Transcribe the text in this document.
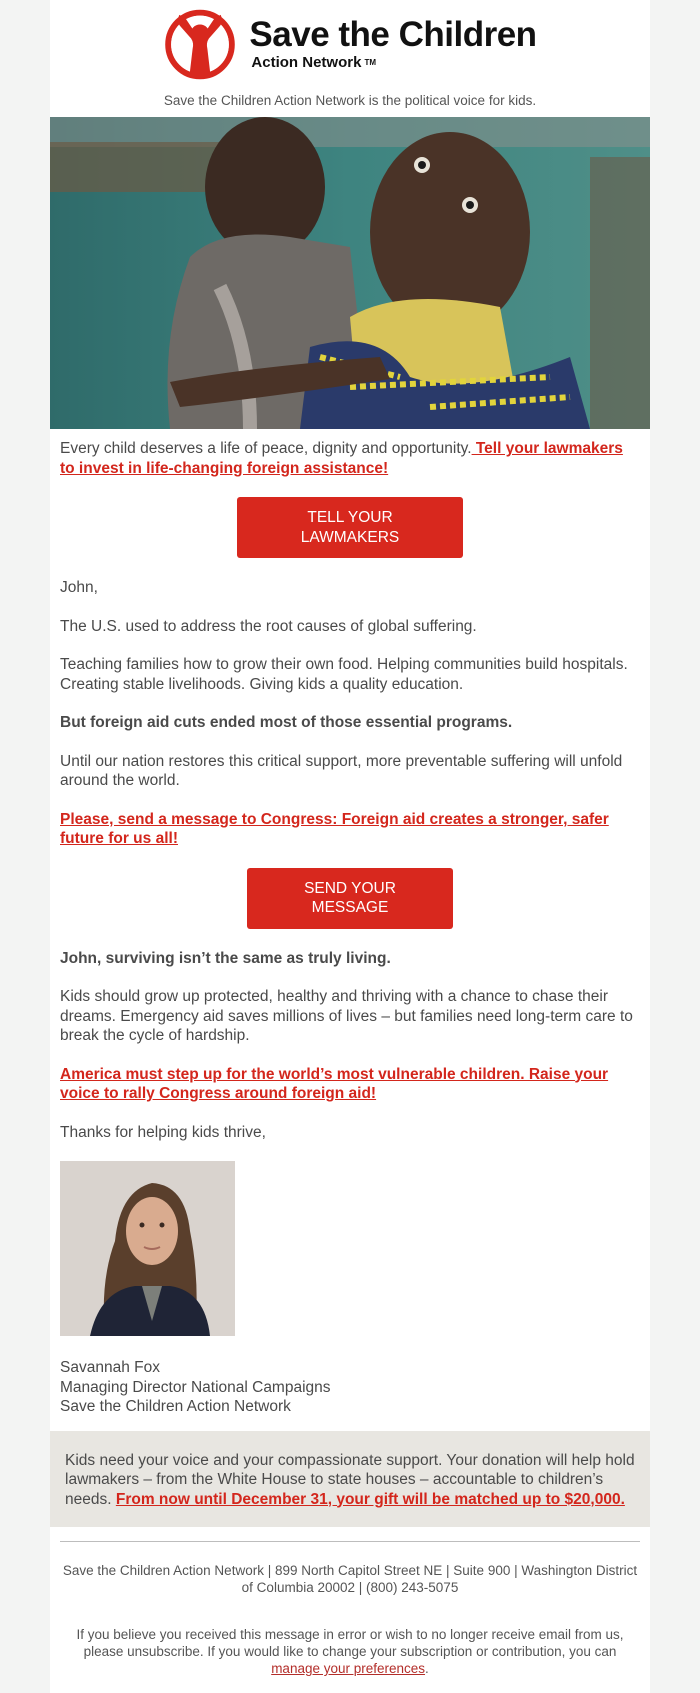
Save the Children
Action Network TM
Save the Children Action Network is the political voice for kids.

Every child deserves a life of peace, dignity and opportunity. Tell your lawmakers to invest in life-changing foreign assistance!

TELL YOUR LAWMAKERS

John,

The U.S. used to address the root causes of global suffering.

Teaching families how to grow their own food. Helping communities build hospitals. Creating stable livelihoods. Giving kids a quality education.

But foreign aid cuts ended most of those essential programs.

Until our nation restores this critical support, more preventable suffering will unfold around the world.

Please, send a message to Congress: Foreign aid creates a stronger, safer future for us all!

SEND YOUR MESSAGE

John, surviving isn’t the same as truly living.

Kids should grow up protected, healthy and thriving with a chance to chase their dreams. Emergency aid saves millions of lives – but families need long-term care to break the cycle of hardship.

America must step up for the world’s most vulnerable children. Raise your voice to rally Congress around foreign aid!

Thanks for helping kids thrive,

Savannah Fox
Managing Director National Campaigns
Save the Children Action Network
Kids need your voice and your compassionate support. Your donation will help hold lawmakers – from the White House to state houses – accountable to children’s needs. From now until December 31, your gift will be matched up to $20,000.

Save the Children Action Network | 899 North Capitol Street NE | Suite 900 | Washington District of Columbia 20002 | (800) 243-5075

If you believe you received this message in error or wish to no longer receive email from us, please unsubscribe. If you would like to change your subscription or contribution, you can manage your preferences.
